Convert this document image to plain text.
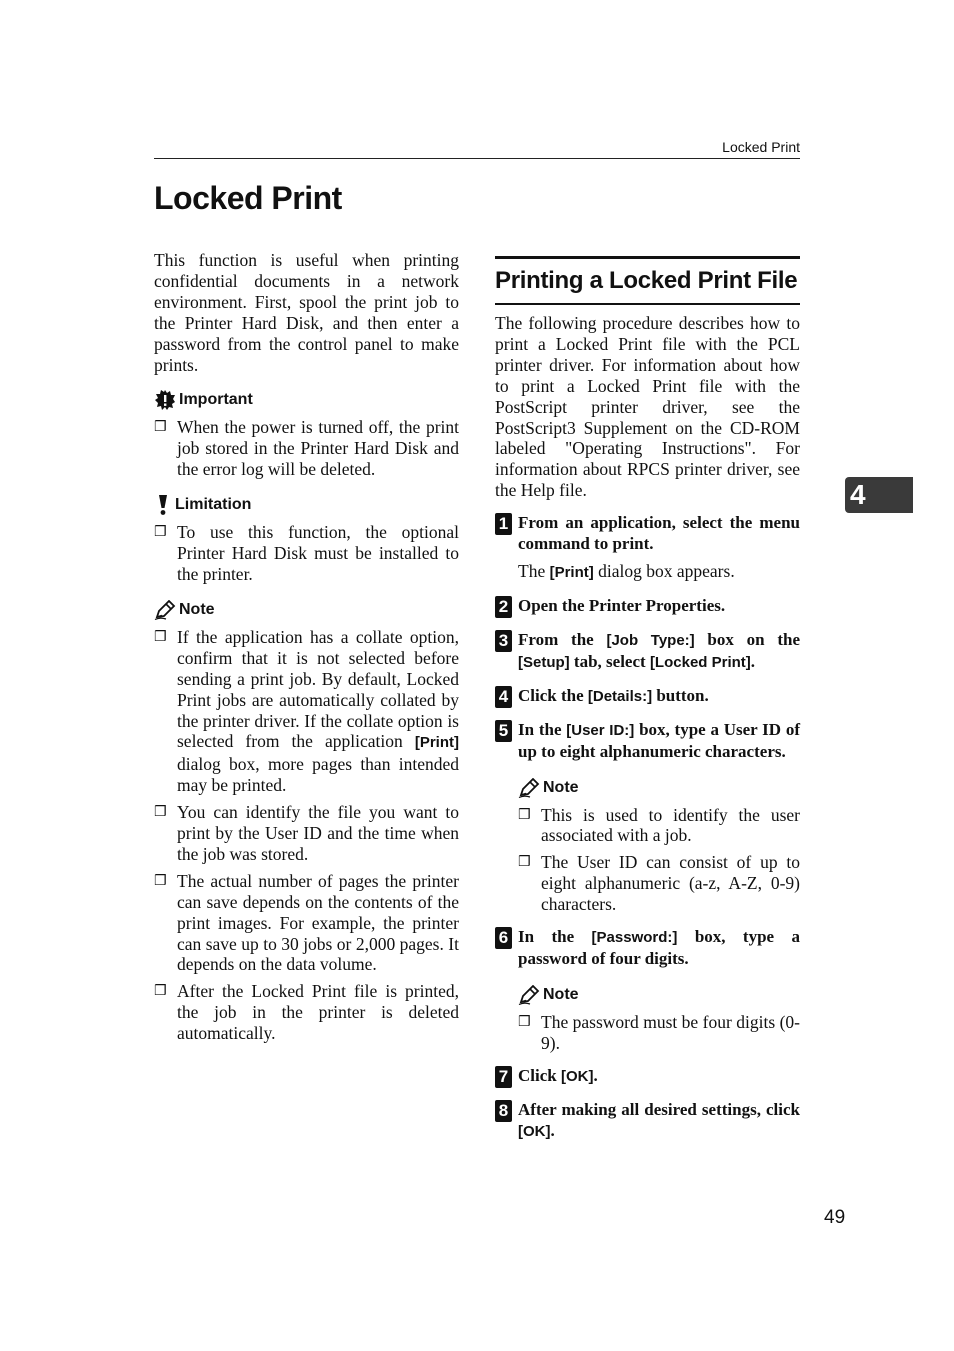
Locked Print
Locked Print

This function is useful when printing confidential documents in a network environment. First, spool the print job to the Printer Hard Disk, and then enter a password from the control panel to make prints.

Important
❒ When the power is turned off, the print job stored in the Printer Hard Disk and the error log will be deleted.
Limitation
❒ To use this function, the optional Printer Hard Disk must be installed to the printer.
Note
❒ If the application has a collate option, confirm that it is not selected before sending a print job. By default, Locked Print jobs are automatically collated by the printer driver. If the collate option is selected from the application [Print] dialog box, more pages than intended may be printed.
❒ You can identify the file you want to print by the User ID and the time when the job was stored.
❒ The actual number of pages the printer can save depends on the contents of the print images. For example, the printer can save up to 30 jobs or 2,000 pages. It depends on the data volume.
❒ After the Locked Print file is printed, the job in the printer is deleted automatically.
Printing a Locked Print File

The following procedure describes how to print a Locked Print file with the PCL printer driver. For information about how to print a Locked Print file with the PostScript printer driver, see the PostScript3 Supplement on the CD-ROM labeled "Operating Instructions". For information about RPCS printer driver, see the Help file.

1 From an application, select the menu command to print.
The [Print] dialog box appears.
2 Open the Printer Properties.
3 From the [Job Type:] box on the [Setup] tab, select [Locked Print].
4 Click the [Details:] button.
5 In the [User ID:] box, type a User ID of up to eight alphanumeric characters.
Note
❒ This is used to identify the user associated with a job.
❒ The User ID can consist of up to eight alphanumeric (a-z, A-Z, 0-9) characters.
6 In the [Password:] box, type a password of four digits.
Note
❒ The password must be four digits (0-9).
7 Click [OK].
8 After making all desired settings, click [OK].
4
49
